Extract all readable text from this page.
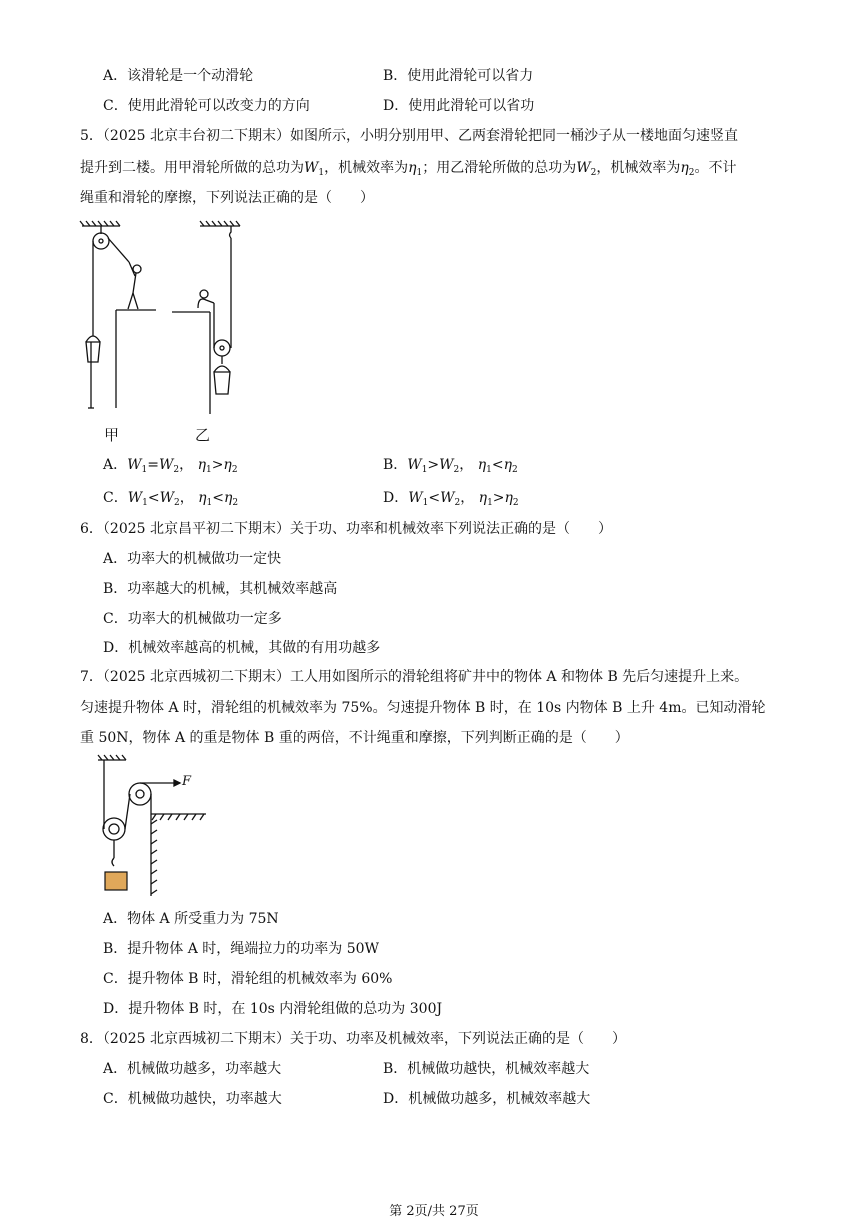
A．该滑轮是一个动滑轮	B．使用此滑轮可以省力
C．使用此滑轮可以改变力的方向	D．使用此滑轮可以省功
5．（2025 北京丰台初二下期末）如图所示，小明分别用甲、乙两套滑轮把同一桶沙子从一楼地面匀速竖直
提升到二楼。用甲滑轮所做的总功为$W_1$，机械效率为$\eta_1$；用乙滑轮所做的总功为$W_2$，机械效率为$\eta_2$。不计
绳重和滑轮的摩擦，下列说法正确的是（　　）
甲	乙
A．$W_1=W_2$， $\eta_1>\eta_2$	B．$W_1>W_2$， $\eta_1<\eta_2$
C．$W_1<W_2$， $\eta_1<\eta_2$	D．$W_1<W_2$， $\eta_1>\eta_2$
6．（2025 北京昌平初二下期末）关于功、功率和机械效率下列说法正确的是（　　）
A．功率大的机械做功一定快
B．功率越大的机械，其机械效率越高
C．功率大的机械做功一定多
D．机械效率越高的机械，其做的有用功越多
7．（2025 北京西城初二下期末）工人用如图所示的滑轮组将矿井中的物体 A 和物体 B 先后匀速提升上来。
匀速提升物体 A 时，滑轮组的机械效率为 75%。匀速提升物体 B 时，在 10s 内物体 B 上升 4m。已知动滑轮
重 50N，物体 A 的重是物体 B 重的两倍，不计绳重和摩擦，下列判断正确的是（　　）
F
A．物体 A 所受重力为 75N
B．提升物体 A 时，绳端拉力的功率为 50W
C．提升物体 B 时，滑轮组的机械效率为 60%
D．提升物体 B 时，在 10s 内滑轮组做的总功为 300J
8．（2025 北京西城初二下期末）关于功、功率及机械效率，下列说法正确的是（　　）
A．机械做功越多，功率越大	B．机械做功越快，机械效率越大
C．机械做功越快，功率越大	D．机械做功越多，机械效率越大
第 2页/共 27页
